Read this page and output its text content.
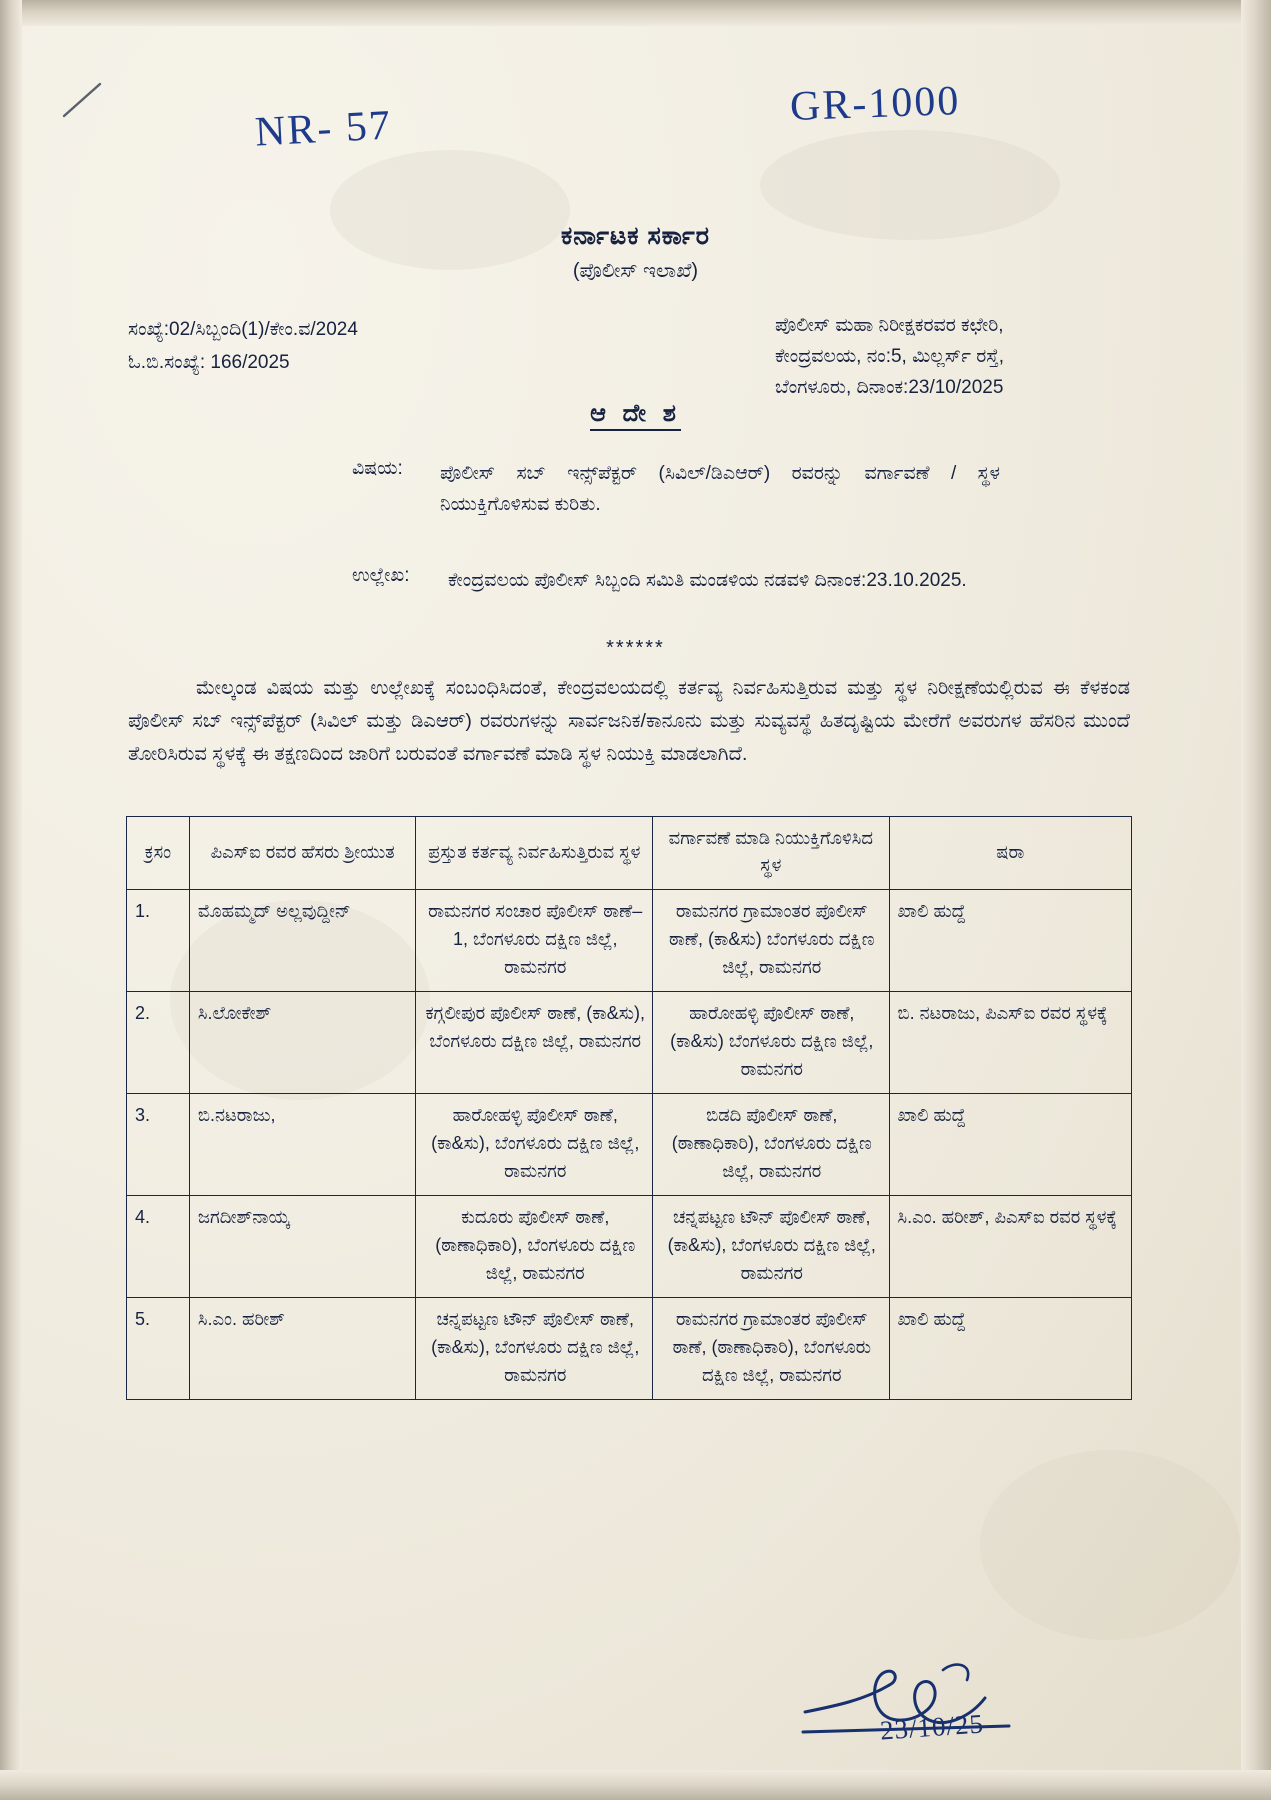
NR- 57	GR-1000
ಕರ್ನಾಟಕ ಸರ್ಕಾರ
(ಪೊಲೀಸ್ ಇಲಾಖೆ)
ಸಂಖ್ಯೆ:02/ಸಿಬ್ಬಂದಿ(1)/ಕೇಂ.ವ/2024
ಓ.ಬಿ.ಸಂಖ್ಯೆ: 166/2025
ಪೊಲೀಸ್ ಮಹಾ ನಿರೀಕ್ಷಕರವರ ಕಛೇರಿ,
ಕೇಂದ್ರವಲಯ, ನಂ:5, ಮಿಲ್ಲರ್ಸ್ ರಸ್ತೆ,
ಬೆಂಗಳೂರು, ದಿನಾಂಕ:23/10/2025
ಆ ದೇ ಶ
ವಿಷಯ: ಪೊಲೀಸ್ ಸಬ್ ಇನ್ಸ್‌ಪೆಕ್ಟರ್ (ಸಿವಿಲ್/ಡಿಎಆರ್) ರವರನ್ನು ವರ್ಗಾವಣೆ / ಸ್ಥಳ ನಿಯುಕ್ತಿಗೊಳಿಸುವ ಕುರಿತು.
ಉಲ್ಲೇಖ: ಕೇಂದ್ರವಲಯ ಪೊಲೀಸ್ ಸಿಬ್ಬಂದಿ ಸಮಿತಿ ಮಂಡಳಿಯ ನಡವಳಿ ದಿನಾಂಕ:23.10.2025.
******
ಮೇಲ್ಕಂಡ ವಿಷಯ ಮತ್ತು ಉಲ್ಲೇಖಕ್ಕೆ ಸಂಬಂಧಿಸಿದಂತೆ, ಕೇಂದ್ರವಲಯದಲ್ಲಿ ಕರ್ತವ್ಯ ನಿರ್ವಹಿಸುತ್ತಿರುವ ಮತ್ತು ಸ್ಥಳ ನಿರೀಕ್ಷಣೆಯಲ್ಲಿರುವ ಈ ಕೆಳಕಂಡ ಪೊಲೀಸ್ ಸಬ್ ಇನ್ಸ್‌ಪೆಕ್ಟರ್ (ಸಿವಿಲ್ ಮತ್ತು ಡಿಎಆರ್) ರವರುಗಳನ್ನು ಸಾರ್ವಜನಿಕ/ಕಾನೂನು ಮತ್ತು ಸುವ್ಯವಸ್ಥೆ ಹಿತದೃಷ್ಟಿಯ ಮೇರೆಗೆ ಅವರುಗಳ ಹೆಸರಿನ ಮುಂದೆ ತೋರಿಸಿರುವ ಸ್ಥಳಕ್ಕೆ ಈ ತಕ್ಷಣದಿಂದ ಜಾರಿಗೆ ಬರುವಂತೆ ವರ್ಗಾವಣೆ ಮಾಡಿ ಸ್ಥಳ ನಿಯುಕ್ತಿ ಮಾಡಲಾಗಿದೆ.
ಕ್ರಸಂ	ಪಿಎಸ್ಐ ರವರ ಹೆಸರು ಶ್ರೀಯುತ	ಪ್ರಸ್ತುತ ಕರ್ತವ್ಯ ನಿರ್ವಹಿಸುತ್ತಿರುವ ಸ್ಥಳ	ವರ್ಗಾವಣೆ ಮಾಡಿ ನಿಯುಕ್ತಿಗೊಳಿಸಿದ ಸ್ಥಳ	ಷರಾ
1.	ಮೊಹಮ್ಮದ್ ಅಲ್ಲವುದ್ದೀನ್	ರಾಮನಗರ ಸಂಚಾರ ಪೊಲೀಸ್ ಠಾಣೆ–1, ಬೆಂಗಳೂರು ದಕ್ಷಿಣ ಜಿಲ್ಲೆ, ರಾಮನಗರ	ರಾಮನಗರ ಗ್ರಾಮಾಂತರ ಪೊಲೀಸ್ ಠಾಣೆ, (ಕಾ&ಸು) ಬೆಂಗಳೂರು ದಕ್ಷಿಣ ಜಿಲ್ಲೆ, ರಾಮನಗರ	ಖಾಲಿ ಹುದ್ದೆ
2.	ಸಿ.ಲೋಕೇಶ್	ಕಗ್ಗಲೀಪುರ ಪೊಲೀಸ್ ಠಾಣೆ, (ಕಾ&ಸು), ಬೆಂಗಳೂರು ದಕ್ಷಿಣ ಜಿಲ್ಲೆ, ರಾಮನಗರ	ಹಾರೋಹಳ್ಳಿ ಪೊಲೀಸ್ ಠಾಣೆ, (ಕಾ&ಸು) ಬೆಂಗಳೂರು ದಕ್ಷಿಣ ಜಿಲ್ಲೆ, ರಾಮನಗರ	ಬಿ. ನಟರಾಜು, ಪಿಎಸ್ಐ ರವರ ಸ್ಥಳಕ್ಕೆ
3.	ಬಿ.ನಟರಾಜು,	ಹಾರೋಹಳ್ಳಿ ಪೊಲೀಸ್ ಠಾಣೆ, (ಕಾ&ಸು), ಬೆಂಗಳೂರು ದಕ್ಷಿಣ ಜಿಲ್ಲೆ, ರಾಮನಗರ	ಬಿಡದಿ ಪೊಲೀಸ್ ಠಾಣೆ, (ಠಾಣಾಧಿಕಾರಿ), ಬೆಂಗಳೂರು ದಕ್ಷಿಣ ಜಿಲ್ಲೆ, ರಾಮನಗರ	ಖಾಲಿ ಹುದ್ದೆ
4.	ಜಗದೀಶ್‌ನಾಯ್ಕ	ಕುದೂರು ಪೊಲೀಸ್ ಠಾಣೆ, (ಠಾಣಾಧಿಕಾರಿ), ಬೆಂಗಳೂರು ದಕ್ಷಿಣ ಜಿಲ್ಲೆ, ರಾಮನಗರ	ಚನ್ನಪಟ್ಟಣ ಟೌನ್ ಪೊಲೀಸ್ ಠಾಣೆ, (ಕಾ&ಸು), ಬೆಂಗಳೂರು ದಕ್ಷಿಣ ಜಿಲ್ಲೆ, ರಾಮನಗರ	ಸಿ.ಎಂ. ಹರೀಶ್, ಪಿಎಸ್ಐ ರವರ ಸ್ಥಳಕ್ಕೆ
5.	ಸಿ.ಎಂ. ಹರೀಶ್	ಚನ್ನಪಟ್ಟಣ ಟೌನ್ ಪೊಲೀಸ್ ಠಾಣೆ, (ಕಾ&ಸು), ಬೆಂಗಳೂರು ದಕ್ಷಿಣ ಜಿಲ್ಲೆ, ರಾಮನಗರ	ರಾಮನಗರ ಗ್ರಾಮಾಂತರ ಪೊಲೀಸ್ ಠಾಣೆ, (ಠಾಣಾಧಿಕಾರಿ), ಬೆಂಗಳೂರು ದಕ್ಷಿಣ ಜಿಲ್ಲೆ, ರಾಮನಗರ	ಖಾಲಿ ಹುದ್ದೆ
23/10/25
